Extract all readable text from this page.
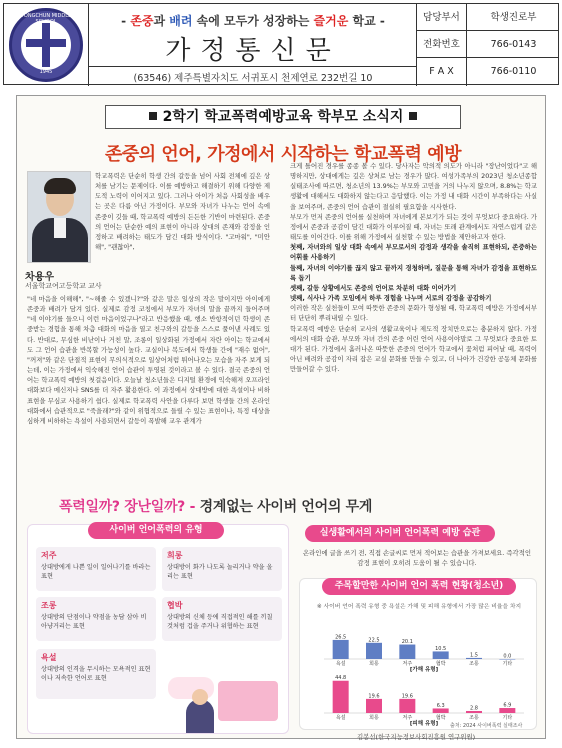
TONGCHUN MIDDLE
1945
- 존중과 배려 속에 모두가 성장하는 즐거운 학교 -
가정통신문
(63546) 제주특별자치도 서귀포시 천제연로 232번길 10
담당부서	학생진로부
전화번호	766-0143
F A X	766-0110
2학기 학교폭력예방교육 학부모 소식지
존중의 언어, 가정에서 시작하는 학교폭력 예방
차용우
서울학교여고등학교 교사
학교폭력은 단순히 학생 간의 갈등을 넘어 사회 전체에 깊은 상처를 남기는 문제이다. 이를 예방하고 해결하기 위해 다양한 제도적 노력이 이어지고 있다. 그러나 아이가 처음 사회성을 배우는 곳은 다름 아닌 가정이다. 부모와 자녀가 나누는 언어 속에 존중이 깃들 때, 학교폭력 예방의 든든한 기반이 마련된다. 존중의 언어는 단순한 예의 표현이 아니라 상대의 존재와 감정을 인정하고 배려하는 태도가 담긴 대화 방식이다. "고마워", "미안해", "괜찮아",
"네 마음을 이해해", "~해줄 수 있겠니?"와 같은 말은 일상의 작은 말이지만 아이에게 존중과 배려가 담겨 있다. 실제로 감정 코칭에서 부모가 자녀의 말을 끝까지 들어주며 "네 이야기를 들으니 이런 마음이었구나"라고 반응했을 때, 행소 반항적이던 학생이 존중받는 경험을 통해 차츰 대화의 마음을 열고 친구와의 갈등을 스스로 풀어낸 사례도 있다. 반대로, 무심한 비난이나 거친 말, 조롱이 일상화된 가정에서 자란 아이는 학교에서도 그 언어 습관을 반복할 가능성이 높다. 교실이나 복도에서 학생들 간에 "재수 없어", "꺼져"와 같은 단절적 표현이 무의식적으로 일상어처럼 튀어나오는 모습을 자주 보게 되는데, 이는 가정에서 익숙해진 언어 습관이 투영된 것이라고 볼 수 있다. 결국 존중의 언어는 학교폭력 예방의 첫걸음이다. 오늘날 청소년들은 디지털 환경에 익숙해져 오프라인 대화보다 메신저나 SNS를 더 자주 활용한다. 이 과정에서 상대방에 대한 욕설이나 비하 표현을 무심코 사용하기 쉽다. 실제로 학교폭력 사안을 다루다 보면 학생들 간의 온라인 대화에서 습관적으로 "죽을래?"와 같이 위협적으로 들릴 수 있는 표현이나, 특정 대상을 심하게 비하하는 욕설이 사용되면서 갈등이 폭발해 교우 관계가

크게 틀어진 경우를 종종 볼 수 있다. 당사자는 악의적 의도가 아니라 "장난이었다"고 해명하지만, 상대에게는 깊은 상처로 남는 경우가 많다. 여성가족부의 2023년 청소년종합실태조사에 따르면, 청소년의 13.9%는 부모와 고민을 거의 나누지 않으며, 8.8%는 학교생활에 대해서도 대화하지 않는다고 응답했다. 이는 가정 내 대화 시간이 부족하다는 사실을 보여주며, 존중의 언어 습관이 절실히 필요함을 시사한다.

부모가 먼저 존중의 언어를 실천하며 자녀에게 본보기가 되는 것이 무엇보다 중요하다. 가정에서 존중과 공감이 담긴 대화가 이루어질 때, 자녀는 또래 관계에서도 자연스럽게 같은 태도를 이어간다. 이를 위해 가정에서 실천할 수 있는 방법을 제안하고자 한다.

첫째, 자녀와의 일상 대화 속에서 부모로서의 감정과 생각을 솔직히 표현하되, 존중하는 어휘를 사용하기

둘째, 자녀의 이야기를 끊지 않고 끝까지 경청하며, 질문을 통해 자녀가 감정을 표현하도록 돕기

셋째, 갈등 상황에서도 존중의 언어로 차분히 대화 이어가기

넷째, 식사나 가족 모임에서 하루 경험을 나누며 서로의 감정을 공감하기

이러한 작은 실천들이 모여 따뜻한 존중의 문화가 형성될 때, 학교폭력 예방은 가정에서부터 단단히 뿌리내릴 수 있다.

학교폭력 예방은 단순히 교사의 생활교육이나 제도적 장치만으로는 충분하지 않다. 가정에서의 대화 습관, 부모와 자녀 간의 존중 어린 언어 사용이야말로 그 무엇보다 중요한 토대가 된다. 가정에서 흘러나온 따뜻한 존중의 언어가 학교에서 꽃처럼 피어날 때, 폭력이 아닌 배려와 공감이 자리 잡은 교실 문화를 만들 수 있고, 더 나아가 건강한 공동체 문화를 만들어갈 수 있다.

폭력일까? 장난일까? - 경계없는 사이버 언어의 무게
사이버 언어폭력의 유형
저주
상대방에게 나쁜 일이 일어나기를 바라는 표현
희롱
상대방이 화가 나도록 놀리거나 약을 올리는 표현
조롱
상대방의 단점이나 약점을 농담 삼아 비아냥거리는 표현
협박
상대방의 신체 등에 직접적인 해를 끼칠 것처럼 겁을 주거나 위협하는 표현
욕설
상대방의 인격을 무시하는 모욕적인 표현이나 저속한 언어로 표현
실생활에서의 사이버 언어폭력 예방 습관
온라인에 글을 쓰기 전, 직접 손글씨로 먼저 적어보는 습관을 가져보세요. 즉각적인 감정 표현이 오히려 도움이 될 수 있습니다.
주목할만한 사이버 언어 폭력 현황(청소년)
※ 사이버 언어 폭력 유형 중 욕설은 가해 및 피해 유형에서 가장 많은 비율을 차지
26.5
욕설
22.5
희롱
20.1
저주
10.5
협박
1.5
조롱
0.0
기타
[가해 유형]
44.8
욕설
19.6
희롱
19.6
저주
6.3
협박
2.8
조롱
6.9
기타
[피해 유형] 출처: 2024 사이버폭력 실태조사
김봉선(한국지능정보사회진흥원 연구위원)
